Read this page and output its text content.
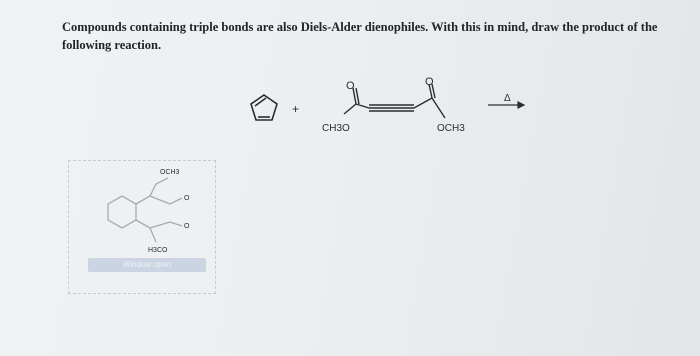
Compounds containing triple bonds are also Diels-Alder dienophiles. With this in mind, draw the product of the following reaction.
+
O	O
CH3O	OCH3
Δ
OCH3
O
O
H3CO
Window open
